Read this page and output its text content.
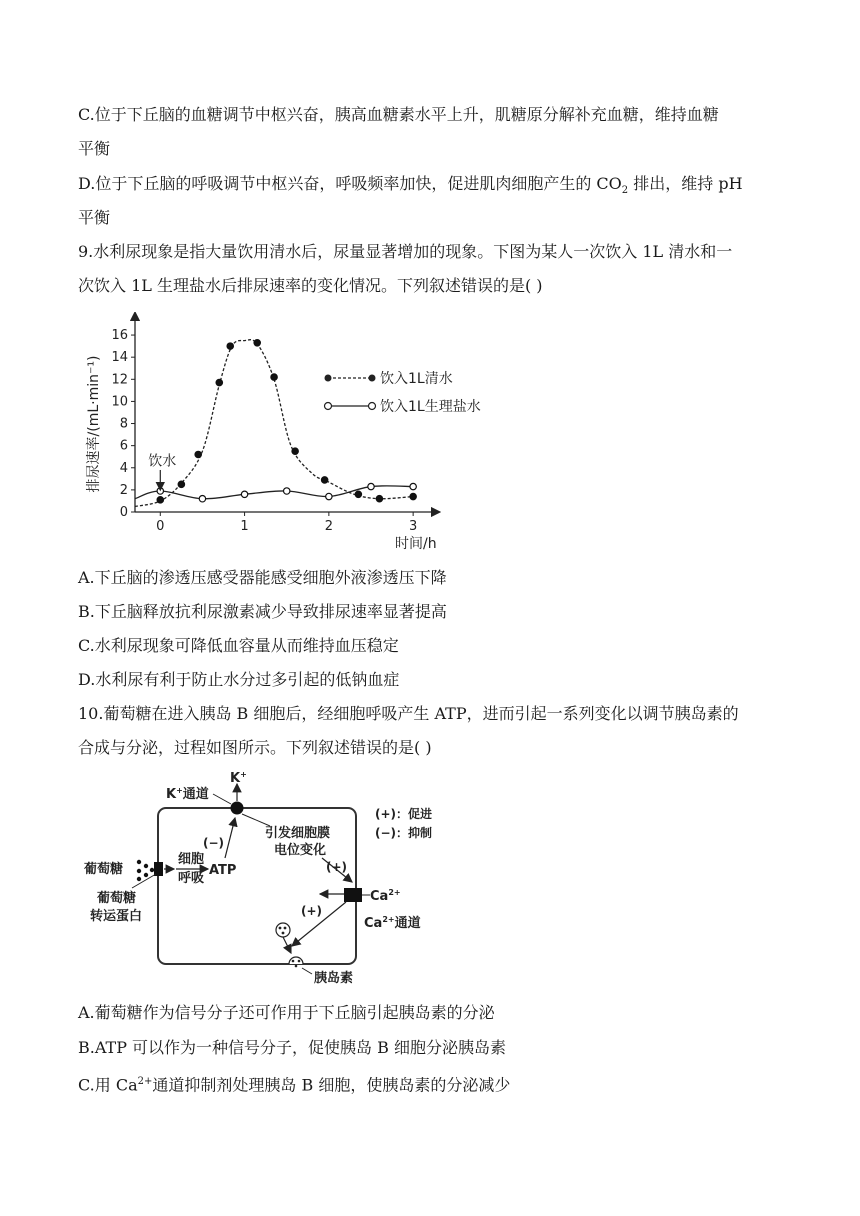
C.位于下丘脑的血糖调节中枢兴奋，胰高血糖素水平上升，肌糖原分解补充血糖，维持血糖
平衡
D.位于下丘脑的呼吸调节中枢兴奋，呼吸频率加快，促进肌肉细胞产生的 $CO_2$ 排出，维持 pH
平衡
9.水利尿现象是指大量饮用清水后，尿量显著增加的现象。下图为某人一次饮入 1L 清水和一
次饮入 1L 生理盐水后排尿速率的变化情况。下列叙述错误的是( )
0
2
4
6
8
10
12
14
16
0	1	2	3
排尿速率/(mL·min⁻¹)
时间/h
饮水
饮入1L清水
饮入1L生理盐水
A.下丘脑的渗透压感受器能感受细胞外液渗透压下降
B.下丘脑释放抗利尿激素减少导致排尿速率显著提高
C.水利尿现象可降低血容量从而维持血压稳定
D.水利尿有利于防止水分过多引起的低钠血症
10.葡萄糖在进入胰岛 B 细胞后，经细胞呼吸产生 ATP，进而引起一系列变化以调节胰岛素的
合成与分泌，过程如图所示。下列叙述错误的是( )
K+
K+通道
(−)
引发细胞膜
电位变化
(+)
葡萄糖
细胞
呼吸
ATP
葡萄糖
转运蛋白
$Ca^{2+}$
$Ca^{2+}$通道
(+)
胰岛素
(+)：促进
(−)：抑制
A.葡萄糖作为信号分子还可作用于下丘脑引起胰岛素的分泌
B.ATP 可以作为一种信号分子，促使胰岛 B 细胞分泌胰岛素
C.用 $Ca^{2+}$通道抑制剂处理胰岛 B 细胞，使胰岛素的分泌减少
